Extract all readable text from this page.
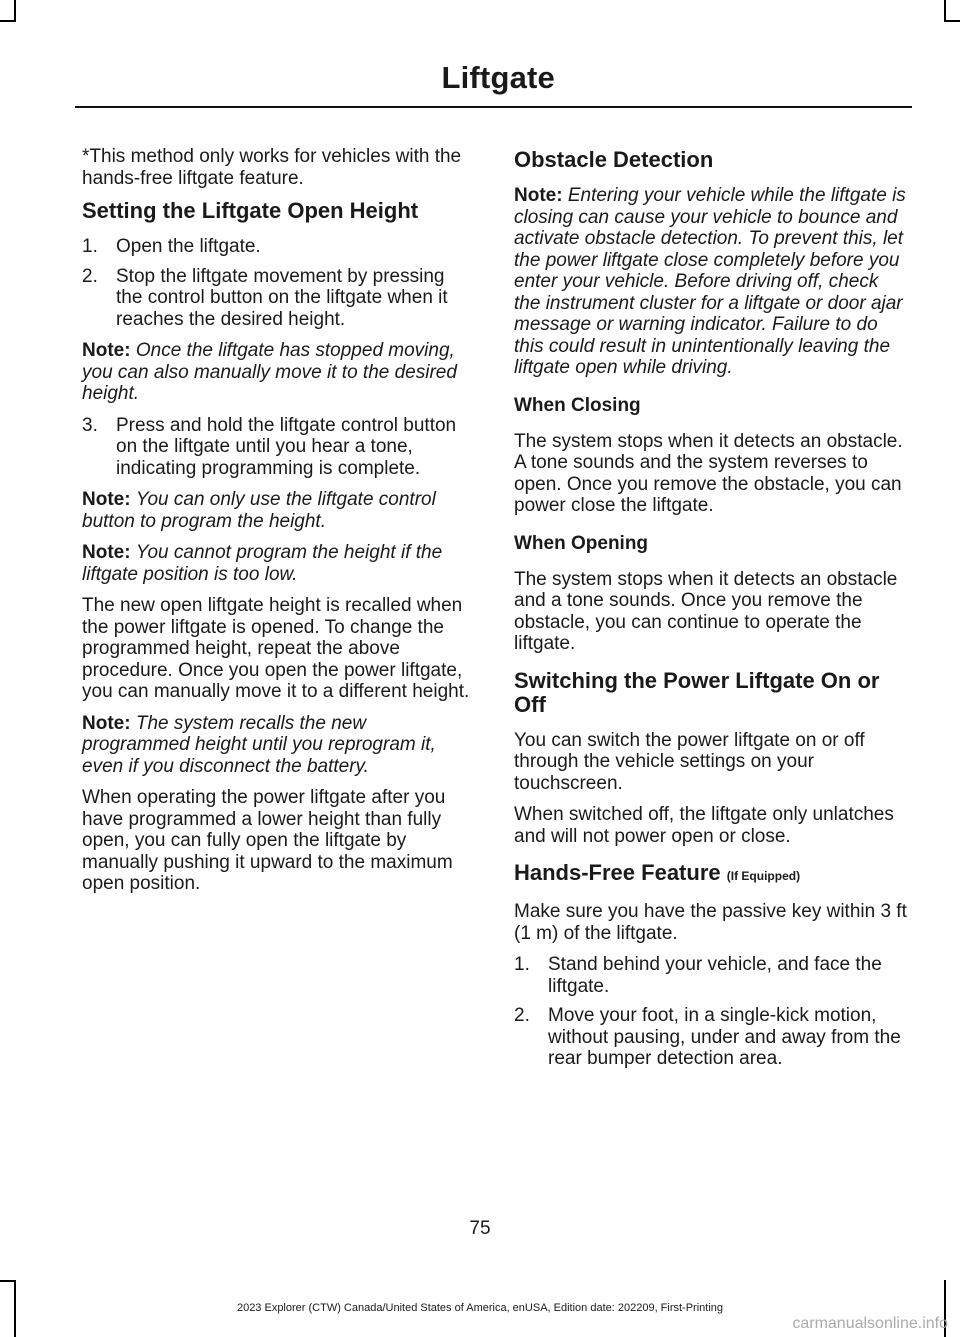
Liftgate

*This method only works for vehicles with the hands-free liftgate feature.

Setting the Liftgate Open Height
1. Open the liftgate.
2. Stop the liftgate movement by pressing the control button on the liftgate when it reaches the desired height.

Note: Once the liftgate has stopped moving, you can also manually move it to the desired height.

3. Press and hold the liftgate control button on the liftgate until you hear a tone, indicating programming is complete.

Note: You can only use the liftgate control button to program the height.

Note: You cannot program the height if the liftgate position is too low.

The new open liftgate height is recalled when the power liftgate is opened. To change the programmed height, repeat the above procedure. Once you open the power liftgate, you can manually move it to a different height.

Note: The system recalls the new programmed height until you reprogram it, even if you disconnect the battery.

When operating the power liftgate after you have programmed a lower height than fully open, you can fully open the liftgate by manually pushing it upward to the maximum open position.

Obstacle Detection

Note: Entering your vehicle while the liftgate is closing can cause your vehicle to bounce and activate obstacle detection. To prevent this, let the power liftgate close completely before you enter your vehicle. Before driving off, check the instrument cluster for a liftgate or door ajar message or warning indicator. Failure to do this could result in unintentionally leaving the liftgate open while driving.

When Closing

The system stops when it detects an obstacle. A tone sounds and the system reverses to open. Once you remove the obstacle, you can power close the liftgate.

When Opening

The system stops when it detects an obstacle and a tone sounds. Once you remove the obstacle, you can continue to operate the liftgate.

Switching the Power Liftgate On or Off

You can switch the power liftgate on or off through the vehicle settings on your touchscreen.

When switched off, the liftgate only unlatches and will not power open or close.

Hands-Free Feature (If Equipped)

Make sure you have the passive key within 3 ft (1 m) of the liftgate.

1. Stand behind your vehicle, and face the liftgate.
2. Move your foot, in a single-kick motion, without pausing, under and away from the rear bumper detection area.
75
2023 Explorer (CTW) Canada/United States of America, enUSA, Edition date: 202209, First-Printing
carmanualsonline.info
